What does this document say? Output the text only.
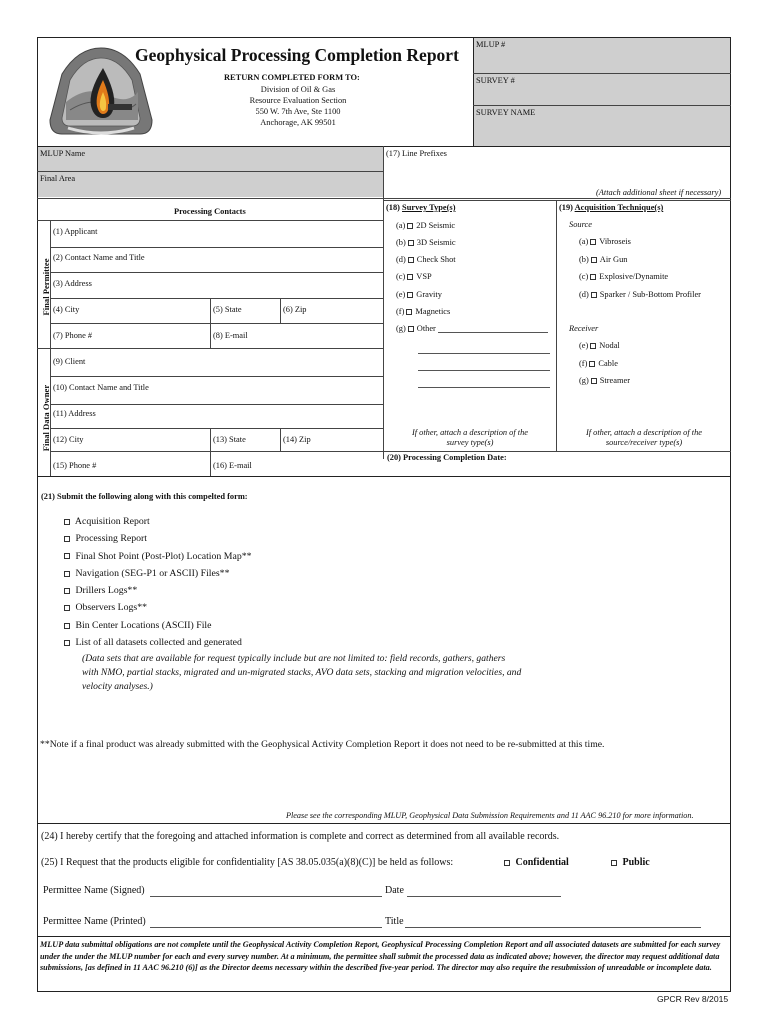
Geophysical Processing Completion Report
RETURN COMPLETED FORM TO:
Division of Oil & Gas
Resource Evaluation Section
550 W. 7th Ave, Ste 1100
Anchorage, AK 99501
MLUP #
SURVEY #
SURVEY NAME
MLUP Name
Final Area
(17) Line Prefixes
(Attach additional sheet if necessary)
Processing Contacts
Final Permittee
Final Data Owner
(1) Applicant
(2) Contact Name and Title
(3) Address
(4) City	(5) State	(6) Zip
(7) Phone #	(8) E-mail
(9) Client
(10) Contact Name and Title
(11) Address
(12) City	(13) State	(14) Zip
(15) Phone #	(16) E-mail
(18) Survey Type(s)	(19) Acquisition Technique(s)
(a) 2D Seismic
(b) 3D Seismic
(d) Check Shot
(c) VSP
(e) Gravity
(f) Magnetics
(g) Other
If other, attach a description of the
survey type(s)
Source
(a) Vibroseis
(b) Air Gun
(c) Explosive/Dynamite
(d) Sparker / Sub-Bottom Profiler
Receiver
(e) Nodal
(f) Cable
(g) Streamer
If other, attach a description of the
source/receiver type(s)
(20) Processing Completion Date:
(21) Submit the following along with this compelted form:
Acquisition Report
Processing Report
Final Shot Point (Post-Plot) Location Map**
Navigation (SEG-P1 or ASCII) Files**
Drillers Logs**
Observers Logs**
Bin Center Locations (ASCII) File
List of all datasets collected and generated
(Data sets that are available for request typically include but are not limited to: field records, gathers, gathers
with NMO, partial stacks, migrated and un-migrated stacks, AVO data sets, stacking and migration velocities, and
velocity analyses.)
**Note if a final product was already submitted with the Geophysical Activity Completion Report it does not need to be re-submitted at this time.
Please see the corresponding MLUP, Geophysical Data Submission Requirements and 11 AAC 96.210 for more information.
(24) I hereby certify that the foregoing and attached information is complete and correct as determined from all available records.
(25) I Request that the products eligible for confidentiality [AS 38.05.035(a)(8)(C)] be held as follows:	Confidential	Public
Permittee Name (Signed)	Date
Permittee Name (Printed)	Title
MLUP data submittal obligations are not complete until the Geophysical Activity Completion Report, Geophysical Processing Completion Report and all associated datasets are submitted for each survey under the under the MLUP number for each and every survey number. At a minimum, the permittee shall submit the processed data as indicated above; however, the director may request additional data submissions, [as defined in 11 AAC 96.210 (6)] as the Director deems necessary within the described five-year period. The director may also require the resubmission of unreadable or incomplete data.
GPCR Rev 8/2015
